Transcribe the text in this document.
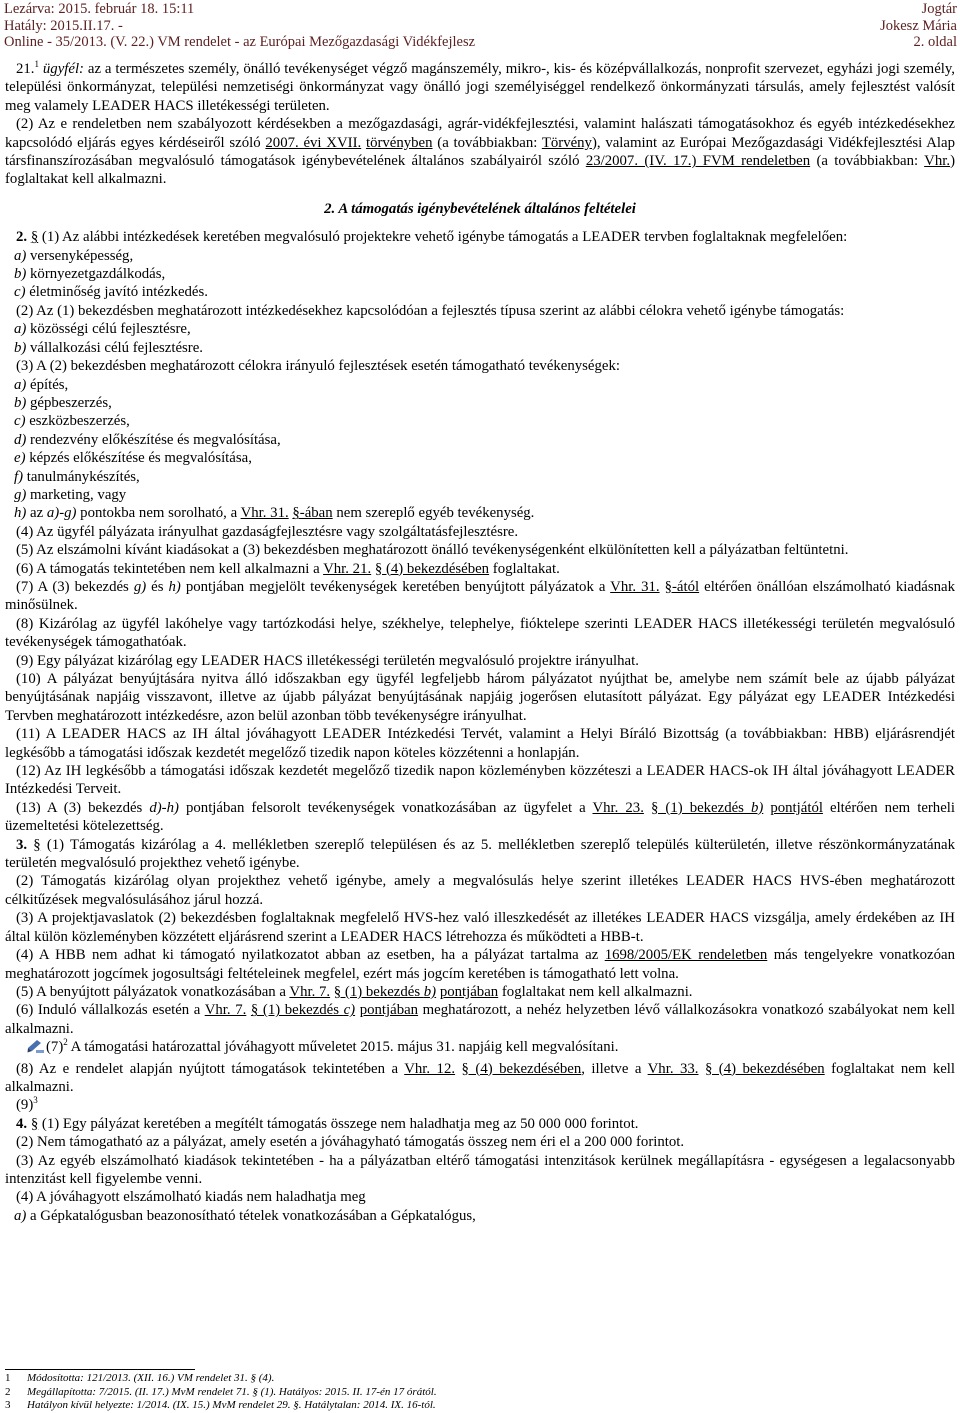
Lezárva: 2015. február 18. 15:11
Hatály: 2015.II.17. -
Online - 35/2013. (V. 22.) VM rendelet - az Európai Mezőgazdasági Vidékfejlesz
Jogtár
Jokesz Mária
2. oldal

21.$^1$ ügyfél: az a természetes személy, önálló tevékenységet végző magánszemély, mikro-, kis- és középvállalkozás, nonprofit szervezet, egyházi jogi személy, települési önkormányzat, települési nemzetiségi önkormányzat vagy önálló jogi személyiséggel rendelkező önkormányzati társulás, amely fejlesztést valósít meg valamely LEADER HACS illetékességi területen.

(2) Az e rendeletben nem szabályozott kérdésekben a mezőgazdasági, agrár-vidékfejlesztési, valamint halászati támogatásokhoz és egyéb intézkedésekhez kapcsolódó eljárás egyes kérdéseiről szóló 2007. évi XVII. törvényben (a továbbiakban: Törvény), valamint az Európai Mezőgazdasági Vidékfejlesztési Alap társfinanszírozásában megvalósuló támogatások igénybevételének általános szabályairól szóló 23/2007. (IV. 17.) FVM rendeletben (a továbbiakban: Vhr.) foglaltakat kell alkalmazni.

2. A támogatás igénybevételének általános feltételei

2. § (1) Az alábbi intézkedések keretében megvalósuló projektekre vehető igénybe támogatás a LEADER tervben foglaltaknak megfelelően:

a) versenyképesség,

b) környezetgazdálkodás,

c) életminőség javító intézkedés.

(2) Az (1) bekezdésben meghatározott intézkedésekhez kapcsolódóan a fejlesztés típusa szerint az alábbi célokra vehető igénybe támogatás:

a) közösségi célú fejlesztésre,

b) vállalkozási célú fejlesztésre.

(3) A (2) bekezdésben meghatározott célokra irányuló fejlesztések esetén támogatható tevékenységek:

a) építés,

b) gépbeszerzés,

c) eszközbeszerzés,

d) rendezvény előkészítése és megvalósítása,

e) képzés előkészítése és megvalósítása,

f) tanulmánykészítés,

g) marketing, vagy

h) az a)-g) pontokba nem sorolható, a Vhr. 31. §-ában nem szereplő egyéb tevékenység.

(4) Az ügyfél pályázata irányulhat gazdaságfejlesztésre vagy szolgáltatásfejlesztésre.

(5) Az elszámolni kívánt kiadásokat a (3) bekezdésben meghatározott önálló tevékenységenként elkülönítetten kell a pályázatban feltüntetni.

(6) A támogatás tekintetében nem kell alkalmazni a Vhr. 21. § (4) bekezdésében foglaltakat.

(7) A (3) bekezdés g) és h) pontjában megjelölt tevékenységek keretében benyújtott pályázatok a Vhr. 31. §-ától eltérően önállóan elszámolható kiadásnak minősülnek.

(8) Kizárólag az ügyfél lakóhelye vagy tartózkodási helye, székhelye, telephelye, fióktelepe szerinti LEADER HACS illetékességi területén megvalósuló tevékenységek támogathatóak.

(9) Egy pályázat kizárólag egy LEADER HACS illetékességi területén megvalósuló projektre irányulhat.

(10) A pályázat benyújtására nyitva álló időszakban egy ügyfél legfeljebb három pályázatot nyújthat be, amelybe nem számít bele az újabb pályázat benyújtásának napjáig visszavont, illetve az újabb pályázat benyújtásának napjáig jogerősen elutasított pályázat. Egy pályázat egy LEADER Intézkedési Tervben meghatározott intézkedésre, azon belül azonban több tevékenységre irányulhat.

(11) A LEADER HACS az IH által jóváhagyott LEADER Intézkedési Tervét, valamint a Helyi Bíráló Bizottság (a továbbiakban: HBB) eljárásrendjét legkésőbb a támogatási időszak kezdetét megelőző tizedik napon köteles közzétenni a honlapján.

(12) Az IH legkésőbb a támogatási időszak kezdetét megelőző tizedik napon közleményben közzéteszi a LEADER HACS-ok IH által jóváhagyott LEADER Intézkedési Terveit.

(13) A (3) bekezdés d)-h) pontjában felsorolt tevékenységek vonatkozásában az ügyfelet a Vhr. 23. § (1) bekezdés b) pontjától eltérően nem terheli üzemeltetési kötelezettség.

3. § (1) Támogatás kizárólag a 4. mellékletben szereplő településen és az 5. mellékletben szereplő település külterületén, illetve részönkormányzatának területén megvalósuló projekthez vehető igénybe.

(2) Támogatás kizárólag olyan projekthez vehető igénybe, amely a megvalósulás helye szerint illetékes LEADER HACS HVS-ében meghatározott célkitűzések megvalósulásához járul hozzá.

(3) A projektjavaslatok (2) bekezdésben foglaltaknak megfelelő HVS-hez való illeszkedését az illetékes LEADER HACS vizsgálja, amely érdekében az IH által külön közleményben közzétett eljárásrend szerint a LEADER HACS létrehozza és működteti a HBB-t.

(4) A HBB nem adhat ki támogató nyilatkozatot abban az esetben, ha a pályázat tartalma az 1698/2005/EK rendeletben más tengelyekre vonatkozóan meghatározott jogcímek jogosultsági feltételeinek megfelel, ezért más jogcím keretében is támogatható lett volna.

(5) A benyújtott pályázatok vonatkozásában a Vhr. 7. § (1) bekezdés b) pontjában foglaltakat nem kell alkalmazni.

(6) Induló vállalkozás esetén a Vhr. 7. § (1) bekezdés c) pontjában meghatározott, a nehéz helyzetben lévő vállalkozásokra vonatkozó szabályokat nem kell alkalmazni.

$(7)^2$ A támogatási határozattal jóváhagyott műveletet 2015. május 31. napjáig kell megvalósítani.

(8) Az e rendelet alapján nyújtott támogatások tekintetében a Vhr. 12. § (4) bekezdésében, illetve a Vhr. 33. § (4) bekezdésében foglaltakat nem kell alkalmazni.

$(9)^3$

4. § (1) Egy pályázat keretében a megítélt támogatás összege nem haladhatja meg az 50 000 000 forintot.

(2) Nem támogatható az a pályázat, amely esetén a jóváhagyható támogatás összeg nem éri el a 200 000 forintot.

(3) Az egyéb elszámolható kiadások tekintetében - ha a pályázatban eltérő támogatási intenzitások kerülnek megállapításra - egységesen a legalacsonyabb intenzitást kell figyelembe venni.

(4) A jóváhagyott elszámolható kiadás nem haladhatja meg

a) a Gépkatalógusban beazonosítható tételek vonatkozásában a Gépkatalógus,

1 Módosította: 121/2013. (XII. 16.) VM rendelet 31. § (4).
2 Megállapította: 7/2015. (II. 17.) MvM rendelet 71. § (1). Hatályos: 2015. II. 17-én 17 órától.
3 Hatályon kívül helyezte: 1/2014. (IX. 15.) MvM rendelet 29. §. Hatálytalan: 2014. IX. 16-tól.
